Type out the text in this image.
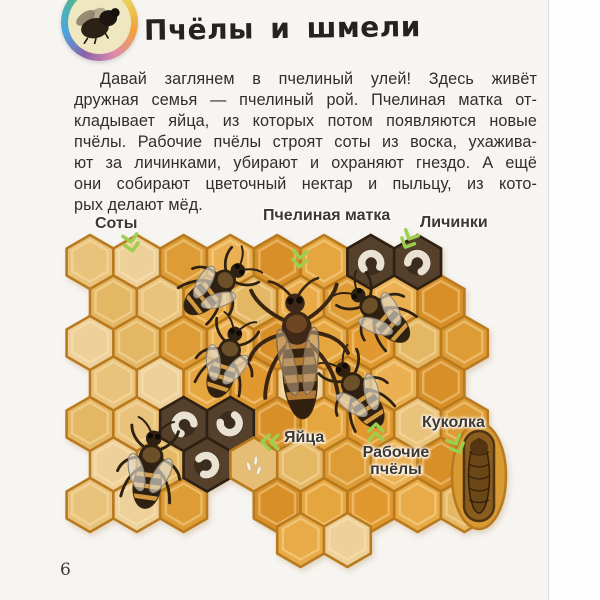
Пчёлы и шмели
Давай заглянем в пчелиный улей! Здесь живёт
дружная семья — пчелиный рой. Пчелиная матка от-
кладывает яйца, из которых потом появляются новые
пчёлы. Рабочие пчёлы строят соты из воска, ухажива-
ют за личинками, убирают и охраняют гнездо. А ещё
они собирают цветочный нектар и пыльцу, из кото-
рых делают мёд.
Соты	Пчелиная матка Личинки
Яйца
Рабочие пчёлы
Куколка
6
